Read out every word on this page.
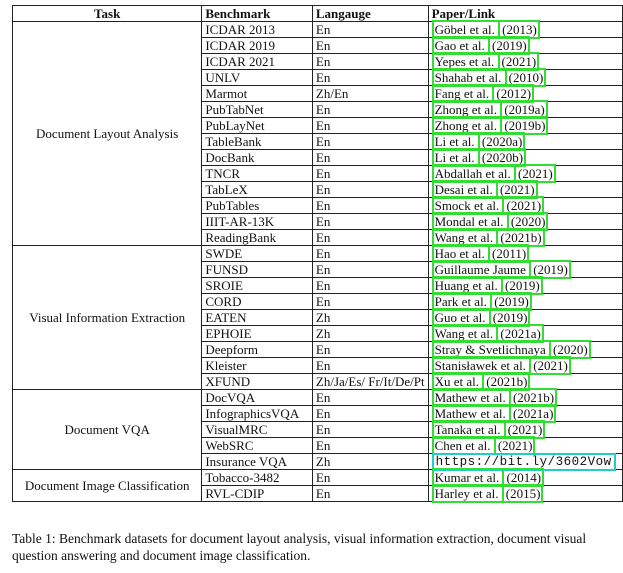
Task	Benchmark	Langauge	Paper/Link
Document Layout Analysis	ICDAR 2013	En	Göbel et al. (2013)
	ICDAR 2019	En	Gao et al. (2019)
	ICDAR 2021	En	Yepes et al. (2021)
	UNLV	En	Shahab et al. (2010)
	Marmot	Zh/En	Fang et al. (2012)
	PubTabNet	En	Zhong et al. (2019a)
	PubLayNet	En	Zhong et al. (2019b)
	TableBank	En	Li et al. (2020a)
	DocBank	En	Li et al. (2020b)
	TNCR	En	Abdallah et al. (2021)
	TabLeX	En	Desai et al. (2021)
	PubTables	En	Smock et al. (2021)
	IIIT-AR-13K	En	Mondal et al. (2020)
	ReadingBank	En	Wang et al. (2021b)
Visual Information Extraction	SWDE	En	Hao et al. (2011)
	FUNSD	En	Guillaume Jaume (2019)
	SROIE	En	Huang et al. (2019)
	CORD	En	Park et al. (2019)
	EATEN	Zh	Guo et al. (2019)
	EPHOIE	Zh	Wang et al. (2021a)
	Deepform	En	Stray & Svetlichnaya (2020)
	Kleister	En	Stanisławek et al. (2021)
	XFUND	Zh/Ja/Es/ Fr/It/De/Pt	Xu et al. (2021b)
Document VQA	DocVQA	En	Mathew et al. (2021b)
	InfographicsVQA	En	Mathew et al. (2021a)
	VisualMRC	En	Tanaka et al. (2021)
	WebSRC	En	Chen et al. (2021)
	Insurance VQA	Zh	https://bit.ly/3602Vow
Document Image Classification	Tobacco-3482	En	Kumar et al. (2014)
	RVL-CDIP	En	Harley et al. (2015)
Table 1: Benchmark datasets for document layout analysis, visual information extraction, document visual question answering and document image classification.
